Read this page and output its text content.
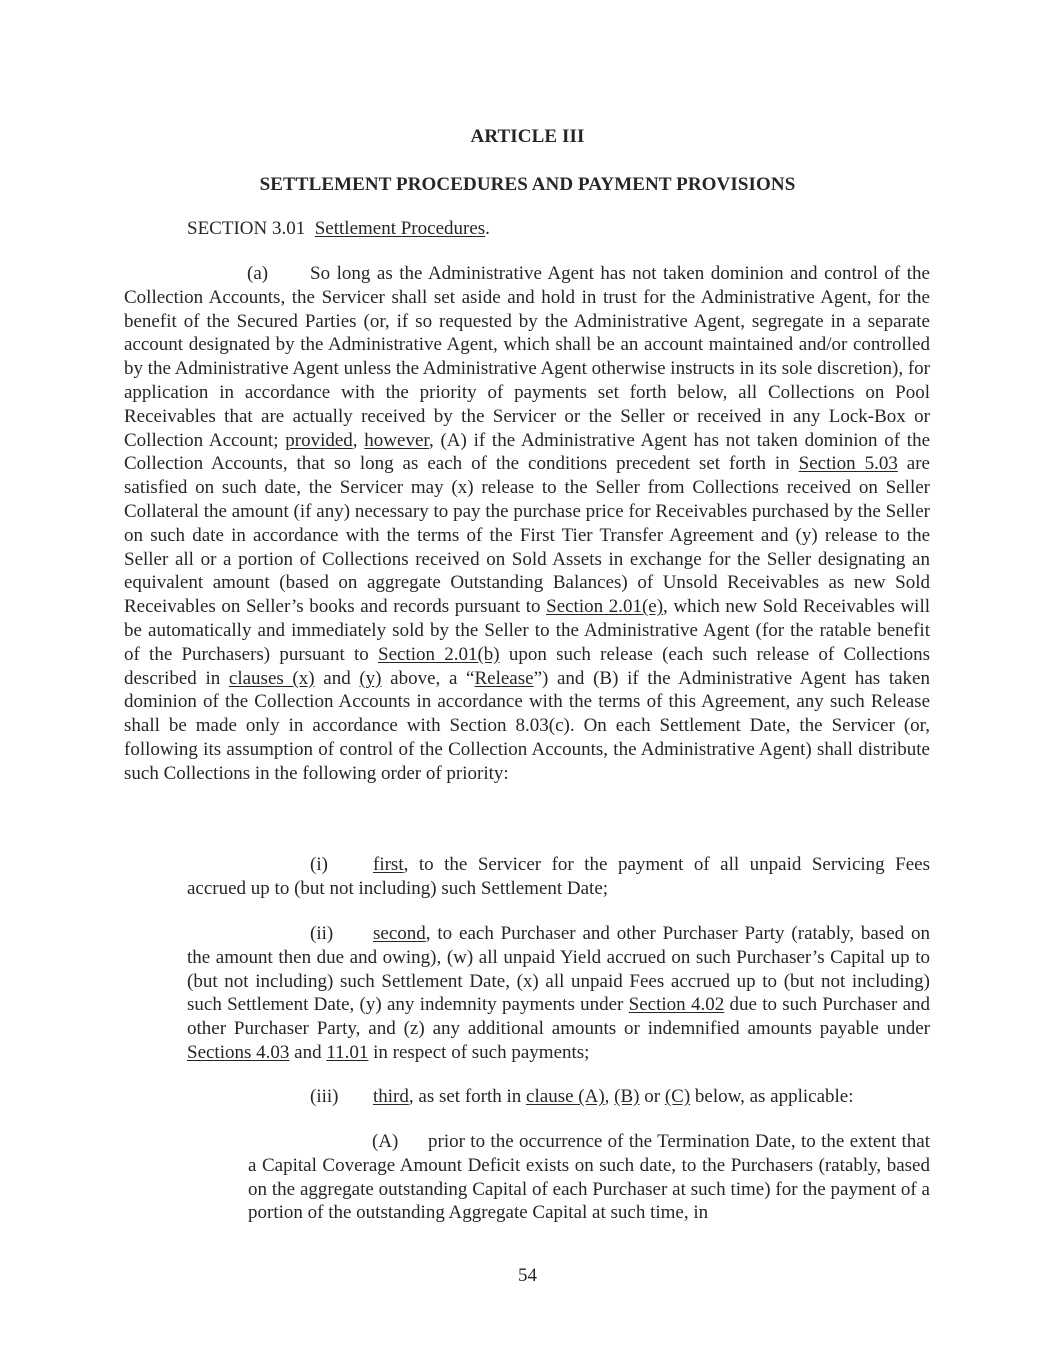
ARTICLE III
SETTLEMENT PROCEDURES AND PAYMENT PROVISIONS
SECTION 3.01 Settlement Procedures.
(a) So long as the Administrative Agent has not taken dominion and control of the Collection Accounts, the Servicer shall set aside and hold in trust for the Administrative Agent, for the benefit of the Secured Parties (or, if so requested by the Administrative Agent, segregate in a separate account designated by the Administrative Agent, which shall be an account maintained and/or controlled by the Administrative Agent unless the Administrative Agent otherwise instructs in its sole discretion), for application in accordance with the priority of payments set forth below, all Collections on Pool Receivables that are actually received by the Servicer or the Seller or received in any Lock-Box or Collection Account; provided, however, (A) if the Administrative Agent has not taken dominion of the Collection Accounts, that so long as each of the conditions precedent set forth in Section 5.03 are satisfied on such date, the Servicer may (x) release to the Seller from Collections received on Seller Collateral the amount (if any) necessary to pay the purchase price for Receivables purchased by the Seller on such date in accordance with the terms of the First Tier Transfer Agreement and (y) release to the Seller all or a portion of Collections received on Sold Assets in exchange for the Seller designating an equivalent amount (based on aggregate Outstanding Balances) of Unsold Receivables as new Sold Receivables on Seller’s books and records pursuant to Section 2.01(e), which new Sold Receivables will be automatically and immediately sold by the Seller to the Administrative Agent (for the ratable benefit of the Purchasers) pursuant to Section 2.01(b) upon such release (each such release of Collections described in clauses (x) and (y) above, a “Release”) and (B) if the Administrative Agent has taken dominion of the Collection Accounts in accordance with the terms of this Agreement, any such Release shall be made only in accordance with Section 8.03(c). On each Settlement Date, the Servicer (or, following its assumption of control of the Collection Accounts, the Administrative Agent) shall distribute such Collections in the following order of priority:
(i) first, to the Servicer for the payment of all unpaid Servicing Fees accrued up to (but not including) such Settlement Date;
(ii) second, to each Purchaser and other Purchaser Party (ratably, based on the amount then due and owing), (w) all unpaid Yield accrued on such Purchaser’s Capital up to (but not including) such Settlement Date, (x) all unpaid Fees accrued up to (but not including) such Settlement Date, (y) any indemnity payments under Section 4.02 due to such Purchaser and other Purchaser Party, and (z) any additional amounts or indemnified amounts payable under Sections 4.03 and 11.01 in respect of such payments;
(iii) third, as set forth in clause (A), (B) or (C) below, as applicable:
(A) prior to the occurrence of the Termination Date, to the extent that a Capital Coverage Amount Deficit exists on such date, to the Purchasers (ratably, based on the aggregate outstanding Capital of each Purchaser at such time) for the payment of a portion of the outstanding Aggregate Capital at such time, in
54
